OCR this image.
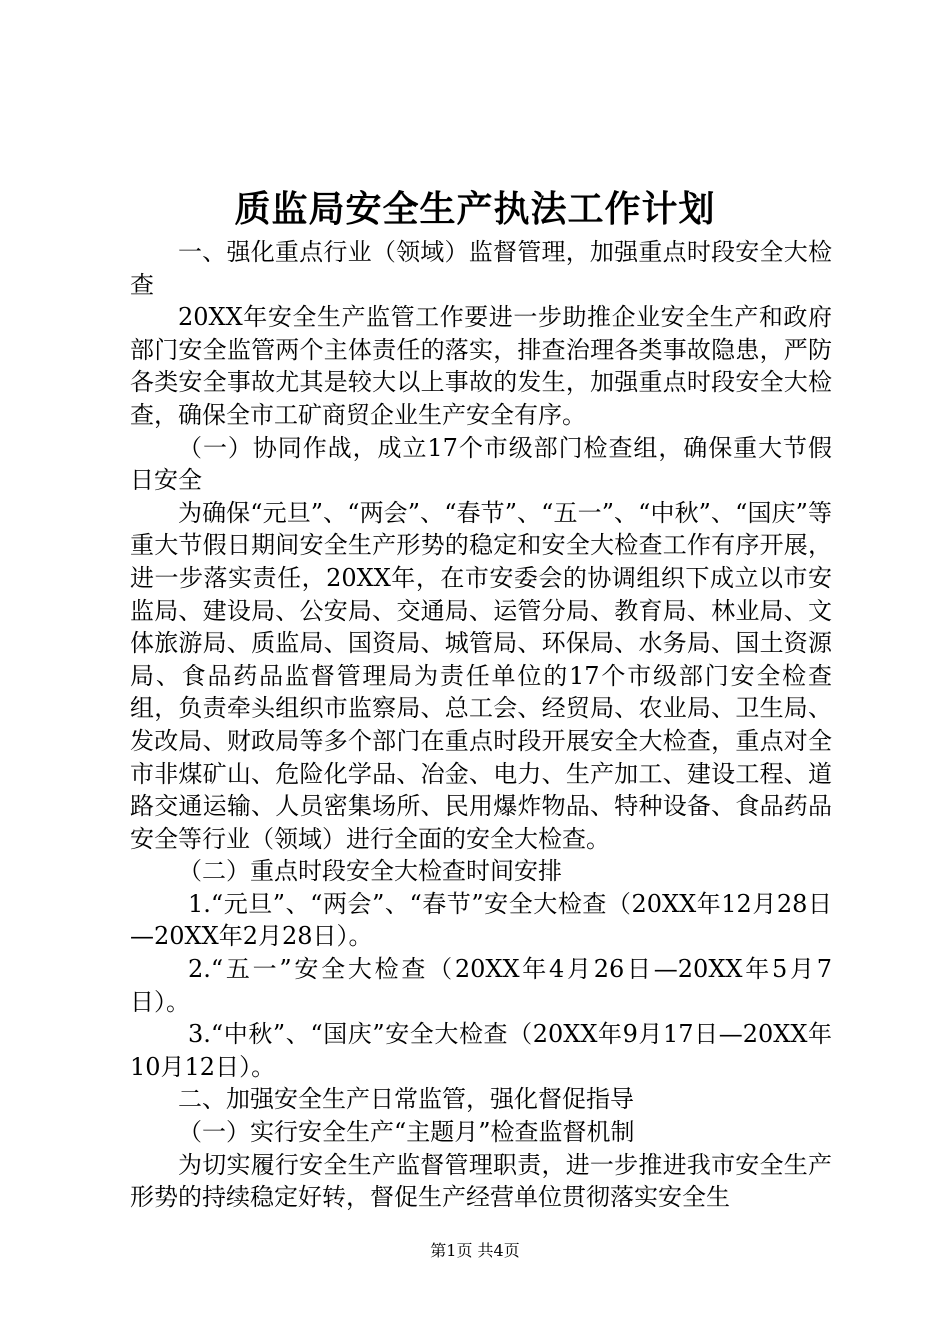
质监局安全生产执法工作计划

一、强化重点行业（领域）监督管理，加强重点时段安全大检查

20XX年安全生产监管工作要进一步助推企业安全生产和政府部门安全监管两个主体责任的落实，排查治理各类事故隐患，严防各类安全事故尤其是较大以上事故的发生，加强重点时段安全大检查，确保全市工矿商贸企业生产安全有序。

（一）协同作战，成立17个市级部门检查组，确保重大节假日安全

为确保“元旦”、“两会”、“春节”、“五一”、“中秋”、“国庆”等重大节假日期间安全生产形势的稳定和安全大检查工作有序开展，进一步落实责任，20XX年，在市安委会的协调组织下成立以市安监局、建设局、公安局、交通局、运管分局、教育局、林业局、文体旅游局、质监局、国资局、城管局、环保局、水务局、国土资源局、食品药品监督管理局为责任单位的17个市级部门安全检查组，负责牵头组织市监察局、总工会、经贸局、农业局、卫生局、发改局、财政局等多个部门在重点时段开展安全大检查，重点对全市非煤矿山、危险化学品、冶金、电力、生产加工、建设工程、道路交通运输、人员密集场所、民用爆炸物品、特种设备、食品药品安全等行业（领域）进行全面的安全大检查。

（二）重点时段安全大检查时间安排

1.“元旦”、“两会”、“春节”安全大检查（20XX年12月28日—20XX年2月28日）。

2.“五一”安全大检查（20XX年4月26日—20XX年5月7日）。

3.“中秋”、“国庆”安全大检查（20XX年9月17日—20XX年10月12日）。

二、加强安全生产日常监管，强化督促指导

（一）实行安全生产“主题月”检查监督机制

为切实履行安全生产监督管理职责，进一步推进我市安全生产形势的持续稳定好转，督促生产经营单位贯彻落实安全生

第1页 共4页
